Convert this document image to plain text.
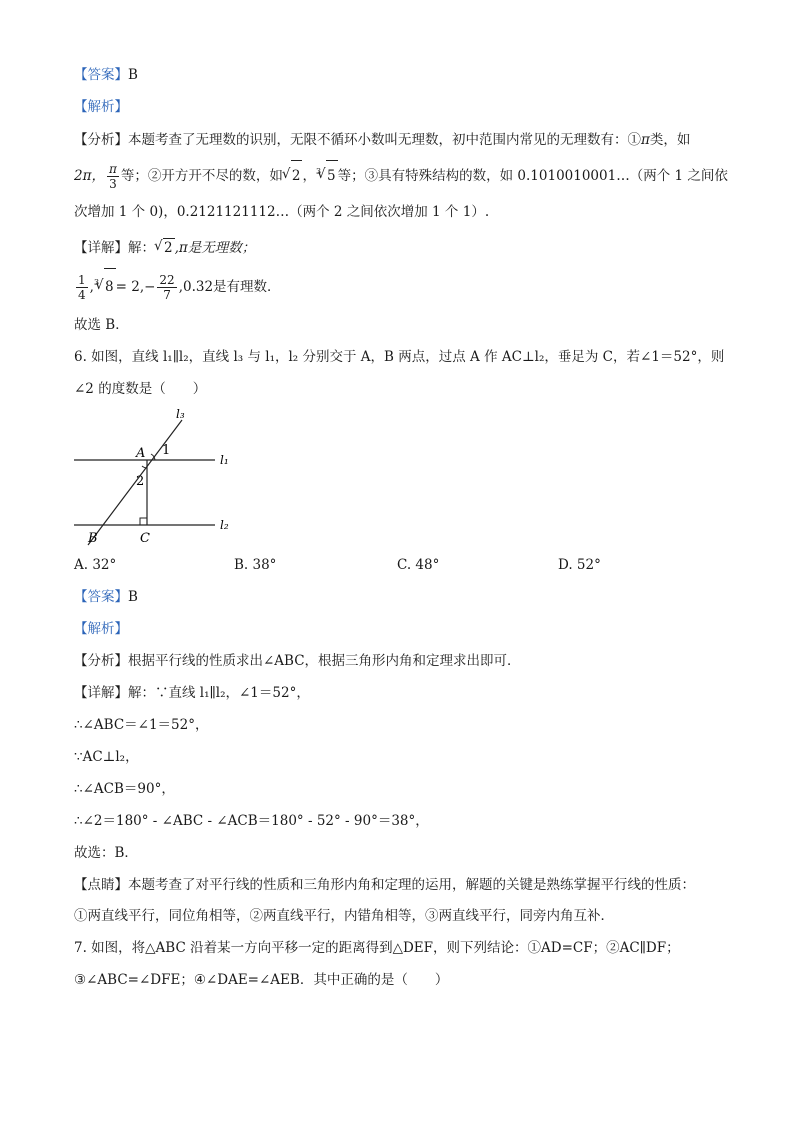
【答案】B
【解析】
【分析】本题考查了无理数的识别，无限不循环小数叫无理数，初中范围内常见的无理数有：①π类，如
2π， $\frac{\pi}{3}$ 等；②开方开不尽的数，如√ 2 ，$^3$√ 5 等；③具有特殊结构的数，如 0.1010010001…（两个 1 之间依
次增加 1 个 0)，0.2121121112…（两个 2 之间依次增加 1 个 1）.
【详解】解：√ 2 ,π是无理数；
$\frac{1}{4} ,^3√$ $8 = 2,- \frac{22}{7} ,0.32$是有理数．
故选 B．
6. 如图，直线 l₁∥l₂，直线 l₃ 与 l₁，l₂ 分别交于 A，B 两点，过点 A 作 AC⊥l₂，垂足为 C，若∠1＝52°，则
∠2 的度数是（　　）
l₃
l₁
l₂
A 1
2
B	C
A. 32°	B. 38°	C. 48°	D. 52°
【答案】B
【解析】
【分析】根据平行线的性质求出∠ABC，根据三角形内角和定理求出即可．
【详解】解：∵直线 l₁∥l₂，∠1＝52°，
∴∠ABC＝∠1＝52°，
∵AC⊥l₂，
∴∠ACB＝90°，
∴∠2＝180° - ∠ABC - ∠ACB＝180° - 52° - 90°＝38°，
故选：B．
【点睛】本题考查了对平行线的性质和三角形内角和定理的运用，解题的关键是熟练掌握平行线的性质：
①两直线平行，同位角相等，②两直线平行，内错角相等，③两直线平行，同旁内角互补．
7. 如图，将△ABC 沿着某一方向平移一定的距离得到△DEF，则下列结论：①AD=CF；②AC∥DF；
③∠ABC=∠DFE；④∠DAE=∠AEB．其中正确的是（　　）
